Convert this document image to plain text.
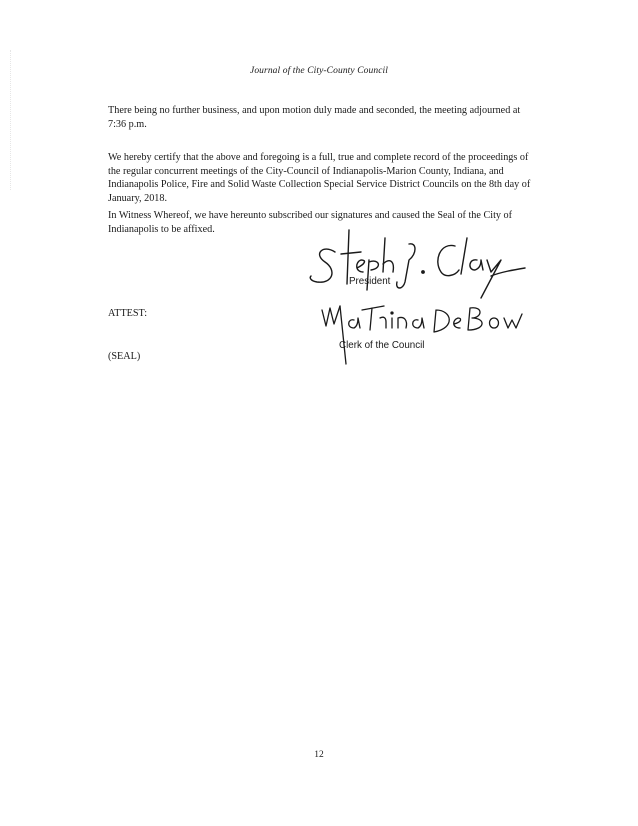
Journal of the City-County Council

There being no further business, and upon motion duly made and seconded, the meeting adjourned at 7:36 p.m.

We hereby certify that the above and foregoing is a full, true and complete record of the proceedings of the regular concurrent meetings of the City-Council of Indianapolis-Marion County, Indiana, and Indianapolis Police, Fire and Solid Waste Collection Special Service District Councils on the 8th day of January, 2018.

In Witness Whereof, we have hereunto subscribed our signatures and caused the Seal of the City of Indianapolis to be affixed.

President
ATTEST:
Clerk of the Council
(SEAL)
12
